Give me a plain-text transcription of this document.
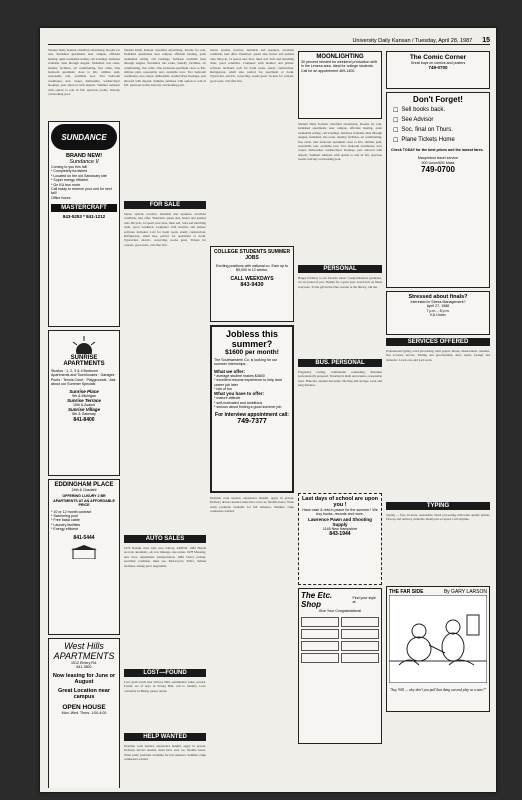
University Daily Kansan / Tuesday, April 28, 1987 15
Student Daily Kansan classified advertising. Rooms for rent, furnished apartments near campus, efficient heating, quiet residential setting, call evenings. Sublease available June through August, furnished, bus route, laundry facilities, air conditioning, free cable. One bedroom apartment close to KU, utilities paid, reasonable rent, available now. Two bedroom townhouse, new carpet, dishwasher, washer/dryer hookups, pets allowed with deposit. Summer sublease with option to rent in fall, spacious rooms, balcony overlooking pool.
SUNDANCE
BRAND NEW!
Sundance II
Coming to you this fall!
* Completely furnished
* Located on the old Sanctuary site
* Super energy efficient
* On KU bus route
Call today to reserve your unit for next fall!
Office hours:
MASTERCRAFT
843-5253 * 841-1212
SUNRISE APARTMENTS
Studios · 1, 2, 3 & 4 Bedroom Apartments and Townhouses · Garages · Pools · Tennis Court · Playgrounds · Ask about our Summer Specials
Sunrise Place
9th & Michigan
Sunrise Terrace
10th & Avalon
Sunrise Village
6th & Gateway
841-8400
EDDINGHAM PLACE
24th & Ousdahl
OFFERING LUXURY 2 BR APARTMENTS AT AN AFFORDABLE PRICE
* 10 or 12 month contract
* Swimming pool
* Free basic cable
* Laundry facilities
* Energy efficient
841-5444
West Hills APARTMENTS
1012 Emery Rd.
841-3800
Now leasing for June or August
Great Location near campus
OPEN HOUSE
Mon.-Wed. Thurs. 1:00-4:00
Student Daily Kansan classified advertising. Rooms for rent, furnished apartments near campus, efficient heating, quiet residential setting, call evenings. Sublease available June through August, furnished, bus route, laundry facilities, air conditioning, free cable. One bedroom apartment close to KU, utilities paid, reasonable rent, available now. Two bedroom townhouse, new carpet, dishwasher, washer/dryer hookups, pets allowed with deposit. Summer sublease with option to rent in fall, spacious rooms, balcony overlooking pool.
FOR SALE
Stereo system, receiver, turntable and speakers, excellent condition, best offer. Waterbed, queen size, heater and padded rails. Bicycle, 12 speed, new tires, must sell. Sofa and matching chair, good condition. Computer with monitor and printer, software included. Loft for dorm room, sturdy construction. Refrigerator, small size, perfect for apartment or dorm. Typewriter, electric, correcting, works great. Tickets for concert, good seats, call after five.
AUTO SALES
1979 Datsun, runs well, new battery, AM/FM. 1982 Honda Accord, automatic, air, low mileage, one owner. 1978 Mustang, new tires, dependable transportation. 1984 Chevy pickup, excellent condition, must see. Motorcycle, 650cc, helmet included, asking price negotiable.
LOST—FOUND
Lost: gold watch near Wescoe Hall, sentimental value, reward. Found: set of keys in Strong Hall, call to identify. Lost: calculator in Budig, please return.
HELP WANTED
Daytime cook needed, experience helpful, apply in person. Delivery drivers needed, must have own car, flexible hours. Work study positions available for fall semester. Summer camp counselors wanted.
Stereo system, receiver, turntable and speakers, excellent condition, best offer. Waterbed, queen size, heater and padded rails. Bicycle, 12 speed, new tires, must sell. Sofa and matching chair, good condition. Computer with monitor and printer, software included. Loft for dorm room, sturdy construction. Refrigerator, small size, perfect for apartment or dorm. Typewriter, electric, correcting, works great. Tickets for concert, good seats, call after five.
COLLEGE STUDENTS SUMMER JOBS
Exciting positions with national co. Earn up to $5,000 in 12 weeks.
CALL WEEKDAYS
843-9430
Jobless this summer?
$1600 per month!
The Southwestern Co. is looking for our summer internships.
What we offer:
* average student makes $4800
* excellent resume experience to help land career job later
* lots of fun
What you have to offer:
* mature attitude
* self-motivated and ambitious
* serious about finding a good summer job
For interview appointment call:
749-7377
Daytime cook needed, experience helpful, apply in person. Delivery drivers needed, must have own car, flexible hours. Work study positions available for fall semester. Summer camp counselors wanted.
MOONLIGHTING
30 percent needed for weekend production shift in the Lenexa area. Ideal for college students. Call for an appointment 469-1400.
Student Daily Kansan classified advertising. Rooms for rent, furnished apartments near campus, efficient heating, quiet residential setting, call evenings. Sublease available June through August, furnished, bus route, laundry facilities, air conditioning, free cable. One bedroom apartment close to KU, utilities paid, reasonable rent, available now. Two bedroom townhouse, new carpet, dishwasher, washer/dryer hookups, pets allowed with deposit. Summer sublease with option to rent in fall, spacious rooms, balcony overlooking pool.
PERSONAL
Happy birthday to our favorite sister! Congratulations graduates, we are proud of you. Thanks for a great year. Good luck on finals everyone. To the girl in the blue sweater at the library, call me.
BUS. PERSONAL
Pregnancy testing, confidential counseling. Resumes professionally prepared. Tutoring in math and science, reasonable rates. Haircuts, student discounts. Moving and storage, local and long distance.
Last days of school are upon you !
Have cash & rest in peace for the summer ! We buy books, records and more.
Lawrence Pawn and Shooting Supply
1145 New Hampshire
843-1944
The Etc. Shop
Find your style at
Give Your Congratulations!
The Comic Corner
Great buys on comics and posters
749-0700
Don't Forget!
☐ Sell books back.
☐ See Advisor
☐ Soc. final on Thurs.
☐ Plane Tickets Home
Check TODAY for the best prices and the lowest fares.
Maupintour travel service
900 Union/831 Mass
749-0700
Stressed about finals?
Interested in Stress Management?
April 27, 1988
7 p.m. - 8 p.m.
KU Union
SERVICES OFFERED
Professional typing, word processing, term papers, theses, dissertations, resumes, fast accurate service. Editing and proofreading. Auto repair, foreign and domestic. Lawn care and yard work.
TYPING
Typing — fast, accurate, reasonable. Word processing with letter quality printer. Pick up and delivery available. Rush jobs accepted. Call anytime.
THE FAR SIDE	By GARY LARSON
"Say, Will — why don't you pull that thing out and play us a tune?"
